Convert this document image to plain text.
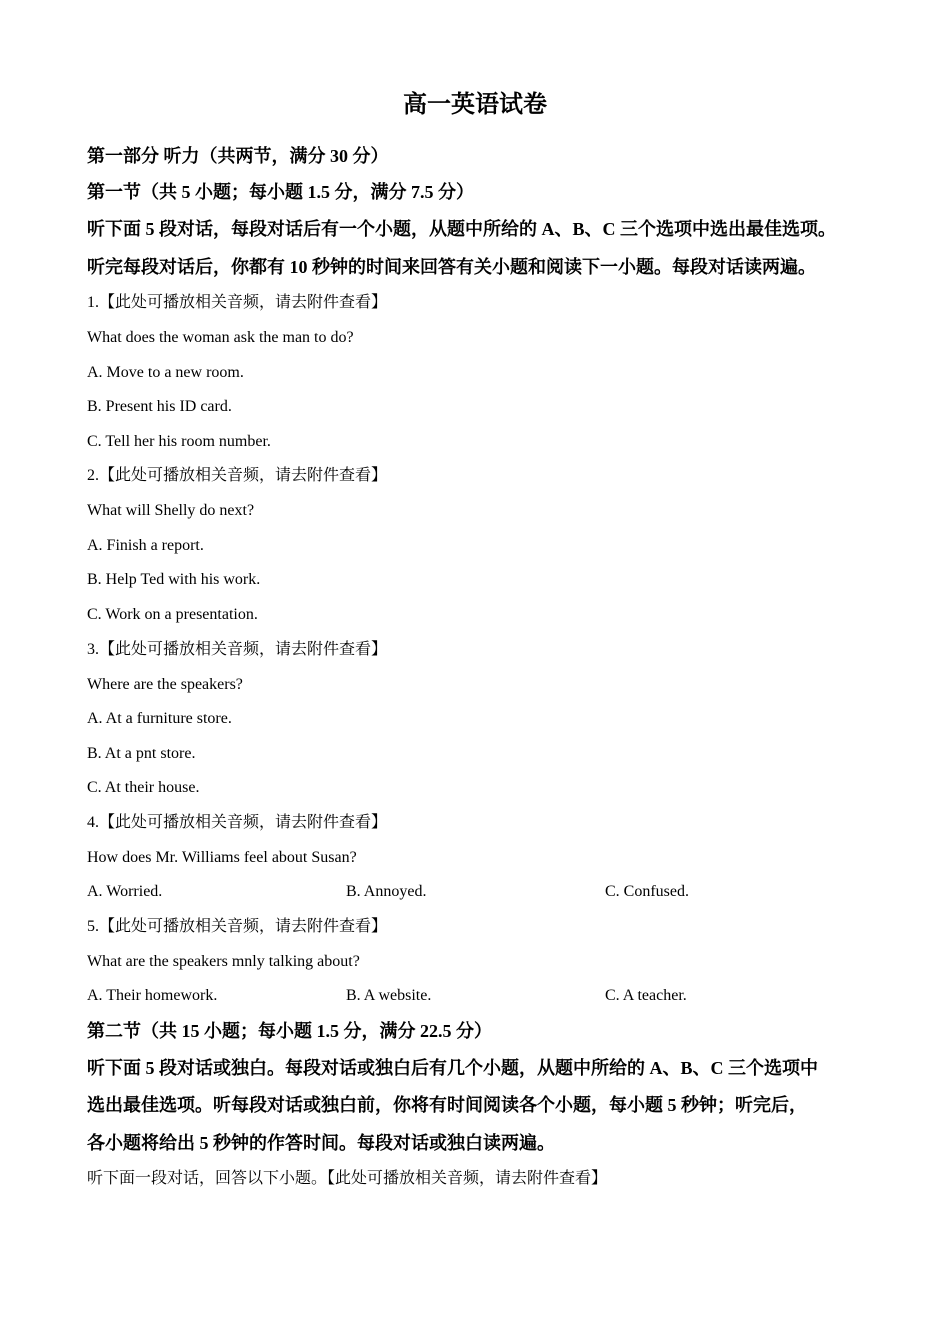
高一英语试卷
第一部分 听力（共两节，满分 30 分）
第一节（共 5 小题；每小题 1.5 分，满分 7.5 分）
听下面 5 段对话，每段对话后有一个小题，从题中所给的 A、B、C 三个选项中选出最佳选项。
听完每段对话后，你都有 10 秒钟的时间来回答有关小题和阅读下一小题。每段对话读两遍。
1.【此处可播放相关音频，请去附件查看】
What does the woman ask the man to do?
A. Move to a new room.
B. Present his ID card.
C. Tell her his room number.
2.【此处可播放相关音频，请去附件查看】
What will Shelly do next?
A. Finish a report.
B. Help Ted with his work.
C. Work on a presentation.
3.【此处可播放相关音频，请去附件查看】
Where are the speakers?
A. At a furniture store.
B. At a pnt store.
C. At their house.
4.【此处可播放相关音频，请去附件查看】
How does Mr. Williams feel about Susan?
A. Worried.	B. Annoyed.	C. Confused.
5.【此处可播放相关音频，请去附件查看】
What are the speakers mnly talking about?
A. Their homework.	B. A website.	C. A teacher.
第二节（共 15 小题；每小题 1.5 分，满分 22.5 分）
听下面 5 段对话或独白。每段对话或独白后有几个小题，从题中所给的 A、B、C 三个选项中
选出最佳选项。听每段对话或独白前，你将有时间阅读各个小题，每小题 5 秒钟；听完后，
各小题将给出 5 秒钟的作答时间。每段对话或独白读两遍。
听下面一段对话，回答以下小题。【此处可播放相关音频，请去附件查看】
